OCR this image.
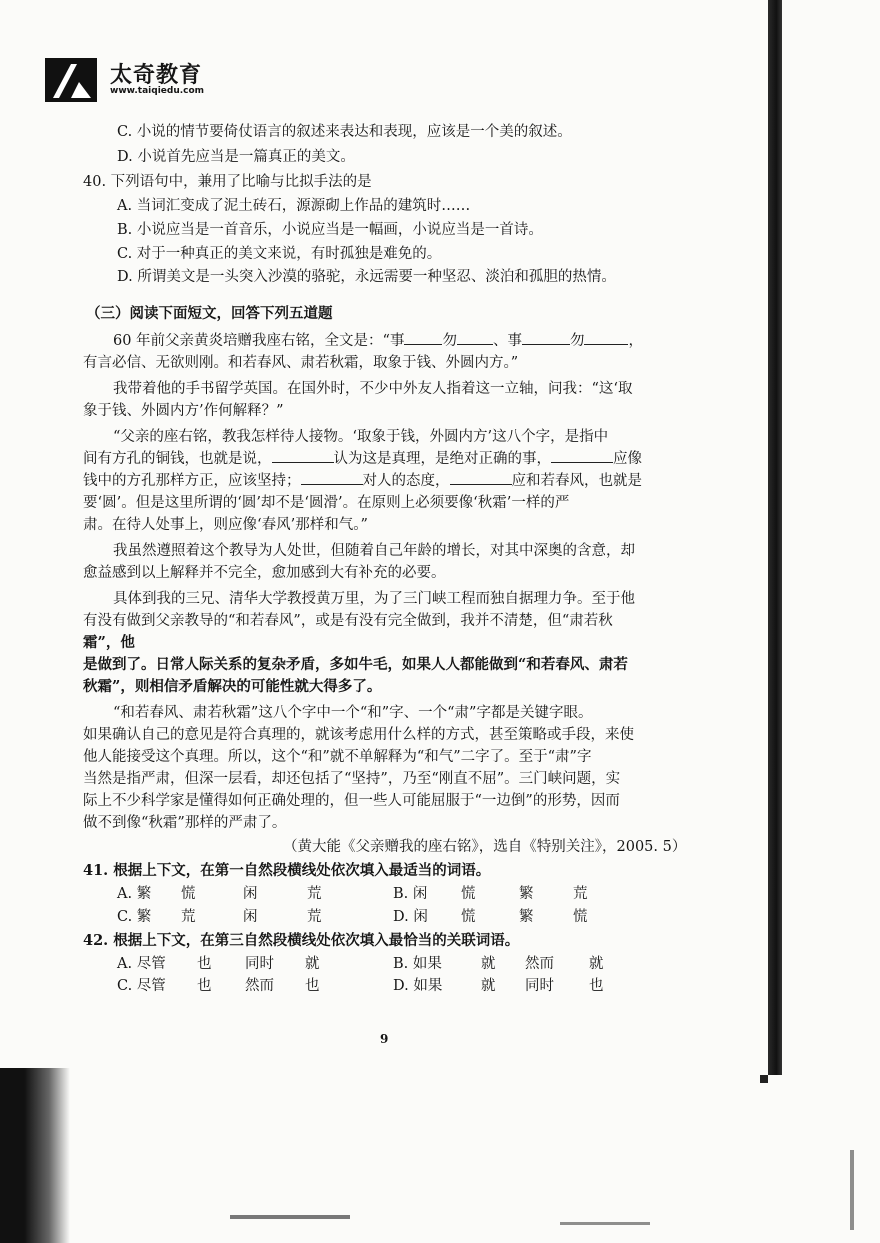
太奇教育
www.taiqiedu.com
C. 小说的情节要倚仗语言的叙述来表达和表现，应该是一个美的叙述。
D. 小说首先应当是一篇真正的美文。
40. 下列语句中，兼用了比喻与比拟手法的是
A. 当词汇变成了泥土砖石，源源砌上作品的建筑时……
B. 小说应当是一首音乐，小说应当是一幅画，小说应当是一首诗。
C. 对于一种真正的美文来说，有时孤独是难免的。
D. 所谓美文是一头突入沙漠的骆驼，永远需要一种坚忍、淡泊和孤胆的热情。
（三）阅读下面短文，回答下列五道题
60 年前父亲黄炎培赠我座右铭，全文是：“事	勿 、事	勿	，
有言必信、无欲则刚。和若春风、肃若秋霜，取象于钱、外圆内方。”
我带着他的手书留学英国。在国外时，不少中外友人指着这一立轴，问我：“这‘取
象于钱、外圆内方’作何解释？”
“父亲的座右铭，教我怎样待人接物。‘取象于钱，外圆内方’这八个字，是指中
间有方孔的铜钱，也就是说，	认为这是真理，是绝对正确的事，	应像
钱中的方孔那样方正，应该坚持；	对人的态度，	应和若春风，也就是
要‘圆’。但是这里所谓的‘圆’却不是‘圆滑’。在原则上必须要像‘秋霜’一样的严
肃。在待人处事上，则应像‘春风’那样和气。”
我虽然遵照着这个教导为人处世，但随着自己年龄的增长，对其中深奥的含意，却
愈益感到以上解释并不完全，愈加感到大有补充的必要。
具体到我的三兄、清华大学教授黄万里，为了三门峡工程而独自据理力争。至于他
有没有做到父亲教导的“和若春风”，或是有没有完全做到，我并不清楚，但“肃若秋
霜”，他
是做到了。日常人际关系的复杂矛盾，多如牛毛，如果人人都能做到“和若春风、肃若
秋霜”，则相信矛盾解决的可能性就大得多了。
“和若春风、肃若秋霜”这八个字中一个“和”字、一个“肃”字都是关键字眼。
如果确认自己的意见是符合真理的，就该考虑用什么样的方式，甚至策略或手段，来使
他人能接受这个真理。所以，这个“和”就不单解释为“和气”二字了。至于“肃”字
当然是指严肃，但深一层看，却还包括了“坚持”，乃至“刚直不屈”。三门峡问题，实
际上不少科学家是懂得如何正确处理的，但一些人可能屈服于“一边倒”的形势，因而
做不到像“秋霜”那样的严肃了。
（黄大能《父亲赠我的座右铭》，选自《特别关注》，2005. 5）
41. 根据上下文，在第一自然段横线处依次填入最适当的词语。
A. 繁 慌	闲	荒	B. 闲 慌	繁	荒
C. 繁 荒	闲	荒	D. 闲 慌	繁	慌
42. 根据上下文，在第三自然段横线处依次填入最恰当的关联词语。
A. 尽管 也 同时 就	B. 如果	就 然而 就
C. 尽管 也 然而 也	D. 如果	就 同时 也
9
